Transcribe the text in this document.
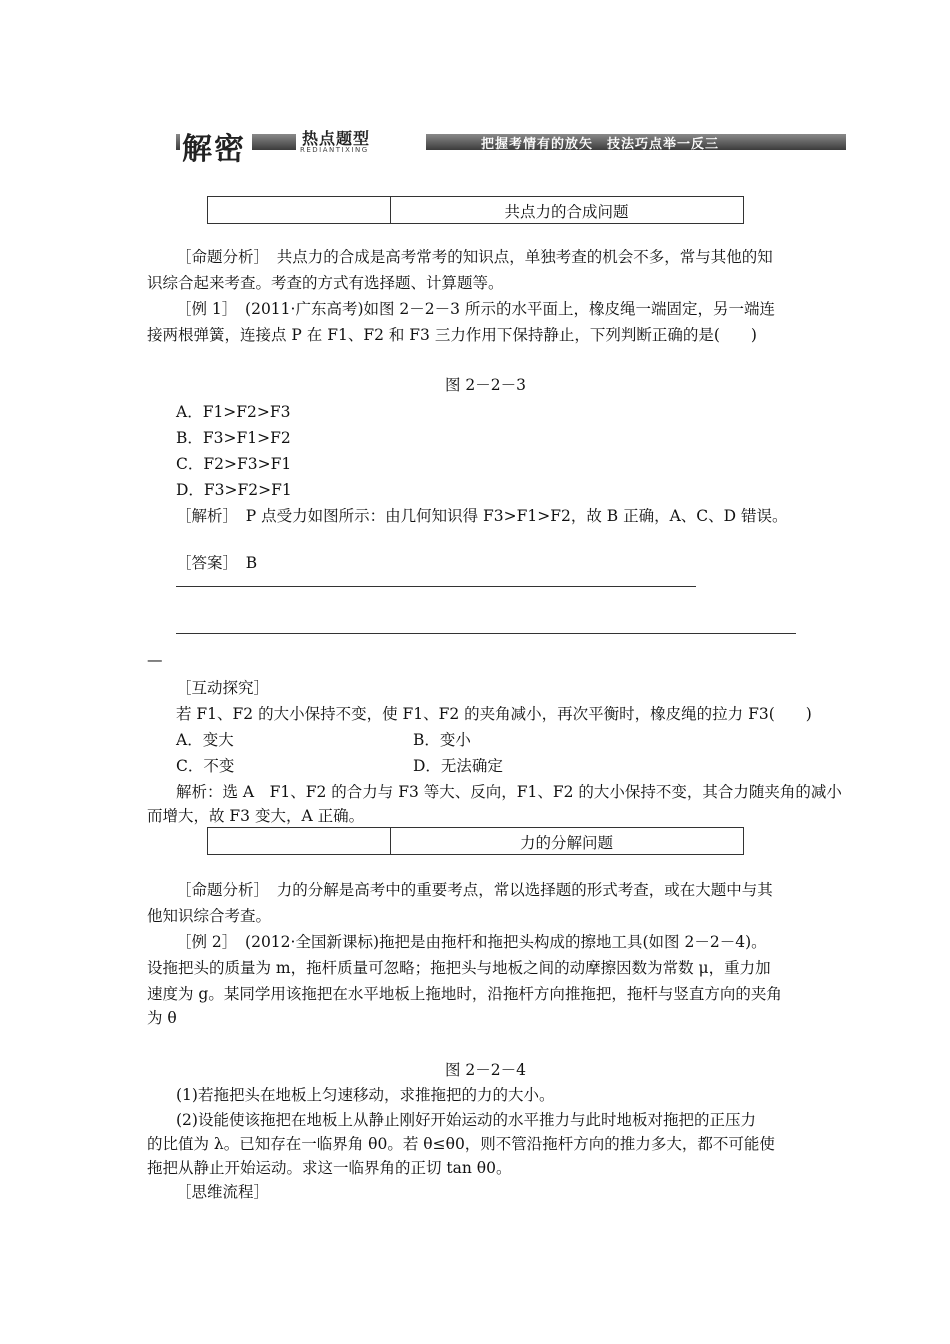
解密	热点题型
REDIANTIXING	把握考情有的放矢　技法巧点举一反三
共点力的合成问题
［命题分析］　共点力的合成是高考常考的知识点，单独考查的机会不多，常与其他的知
识综合起来考查。考查的方式有选择题、计算题等。
［例 1］　(2011·广东高考)如图 2－2－3 所示的水平面上，橡皮绳一端固定，另一端连
接两根弹簧，连接点 P 在 F1、F2 和 F3 三力作用下保持静止，下列判断正确的是(　　)
图 2－2－3
A．F1>F2>F3
B．F3>F1>F2
C．F2>F3>F1
D．F3>F2>F1
［解析］　P 点受力如图所示：由几何知识得 F3>F1>F2，故 B 正确，A、C、D 错误。
［答案］　B
—
［互动探究］
若 F1、F2 的大小保持不变，使 F1、F2 的夹角减小，再次平衡时，橡皮绳的拉力 F3(　　)
A．变大	B．变小
C．不变	D．无法确定
解析：选 A　F1、F2 的合力与 F3 等大、反向，F1、F2 的大小保持不变，其合力随夹角的减小
而增大，故 F3 变大，A 正确。
力的分解问题
［命题分析］　力的分解是高考中的重要考点，常以选择题的形式考查，或在大题中与其
他知识综合考查。
［例 2］　(2012·全国新课标)拖把是由拖杆和拖把头构成的擦地工具(如图 2－2－4)。
设拖把头的质量为 m，拖杆质量可忽略；拖把头与地板之间的动摩擦因数为常数 μ，重力加
速度为 g。某同学用该拖把在水平地板上拖地时，沿拖杆方向推拖把，拖杆与竖直方向的夹角
为 θ
图 2－2－4
(1)若拖把头在地板上匀速移动，求推拖把的力的大小。
(2)设能使该拖把在地板上从静止刚好开始运动的水平推力与此时地板对拖把的正压力
的比值为 λ。已知存在一临界角 θ0。若 θ≤θ0，则不管沿拖杆方向的推力多大，都不可能使
拖把从静止开始运动。求这一临界角的正切 tan θ0。
［思维流程］
